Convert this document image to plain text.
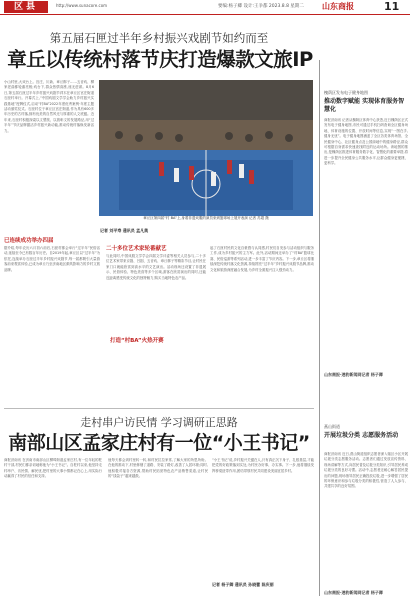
区县	http://www.sunacore.com	要编:杨子卿 设计:王争都 2023.8.8 星期二 山东商报	11
第五届石匣过半年乡村振兴戏剧节如约而至
章丘以传统村落节庆打造爆款文旅IP
小山村里,大戏台上。官庄、川新、章丘梆子……五音戏、柳家老曲都轮番亮相;戏台下,群众热情高涨,座无虚席。8月6日,第五届石匣过半年乡村振兴戏剧节拜木在章丘区官庄街道石匣村举行。开幕式上,“中国戏剧文学学会助力乡村振兴实践基地”授牌仪式,启动“村BA”2022年度优秀案例·年度主题活动颁奖仪式。石匣村位于章丘区官庄街道,作为具有600多年历史的古村落,拥有优美的自然风光与厚重的人文底蕴。近年来,石匣村积极探索以文塑旅、以旅彰文的发展路径,用“过半年”节庆品牌激活乡村振兴新动能,推动传统村落焕发新活力。
章丘区第四届“村 BA”上,身着非遗戏服的演员来到篮球场上展开表演 记者 苏超 摄
记者 刘平寿 通讯员 孟凡奥
已连续成功举办四届
据介绍,每年农历六月初六前后,石匣村都会举行“过半年”民俗活动,延续至今已有数百年历史。自2019年起,章丘区以“过半年”为依托,连续举办石匣过半年乡村振兴戏剧节,每一届都吸引大量游客前来观赏体验,已成为章丘乃至济南地区颇具影响力的乡村文旅品牌。
二十多位艺术家轮番献艺
与此同时,中国戏剧文学学会四届文学评委等相关人员参与,二十多位艺术家带来京剧、吕剧、五音戏、章丘梆子等精彩节目,让村民在家门口就能欣赏到高水平的文艺演出。活动现场还设置了非遗展示、民俗体验、特色美食等多个区域,游客在欣赏演出的同时,还能近距离感受传统文化的独特魅力,购买当地特色农产品。
打造“村BA”火热开赛
起了石匣村民的文化自豪感与认同感,村民们自发参与活动组织与服务工作,成为乡村振兴的主力军。此外,活动期间还举办了“村BA”篮球比赛、民俗巡游等系列活动,进一步丰富了节庆内容。下一步,章丘区将继续深挖传统村落文化资源,持续擦亮“过半年”乡村振兴戏剧节品牌,推动文化和旅游深度融合发展,为乡村全面振兴注入强劲动力。
槐荫区发布电子健身地图
推动数字赋能 实现体育服务智慧化
商报济南讯 记者从槐荫区体育中心获悉,近日槐荫区正式发布电子健身地图,市民可通过手机扫码查询全区健身场地、体育设施的位置、开放时间等信息,实现“一图在手,健身无忧”。电子健身地图涵盖了全区各类体育场馆、全民健身中心、社区健身点及公园绿地中的健身路径,群众可根据自身需求快速查找附近的运动场所。该地图的推出,是槐荫区推进体育服务数字化、智慧化的重要举措,将进一步提升全民健身公共服务水平,让群众健身更便捷、更科学。
山东商报·速豹新闻网记者 杨子卿
走村串户访民情 学习调研正思路
南部山区孟家庄村有一位“小王书记”
商报济南讯 在济南市南部山区柳埠街道孟家庄村,有一位年轻的驻村干部,村民们都亲切地称他为“小王书记”。自驻村以来,他坚持走村串户、访民情、解民忧,把村里的大事小情都记在心上,用实际行动赢得了村民的信任和支持。
他每天都会到村里转一转,和村民拉拉家常,了解大家的所思所盼。在他的推动下,村里修缮了道路、安装了路灯,改善了人居环境;同时,他积极对接各方资源,帮助村民拓宽特色农产品销售渠道,让村民的“钱袋子”越来越鼓。
“小王书记”说,乡村振兴关键在人,只有真正沉下身子、扎根基层,才能把党的好政策落到实处,为村民办好事、办实事。下一步,他将继续发挥桥梁纽带作用,团结带领村民共同建设美丽宜居乡村。
记者 杨子卿 通讯员 孙晓蕾 陈庆丽
燕山街道
开展垃圾分类 志愿服务活动
商报济南讯 近日,燕山街道组织志愿者深入辖区小区开展垃圾分类志愿服务活动。志愿者们通过发放宣传资料、现场讲解等方式,向居民普及垃圾分类知识,引导居民养成垃圾分类的良好习惯。活动中,志愿者还耐心解答居民提出的问题,现场指导居民正确投放垃圾,进一步增强了居民的环保意识和参与垃圾分类的积极性,营造了人人参与、共建共享的良好氛围。
山东商报·速豹新闻网记者 杨子卿
